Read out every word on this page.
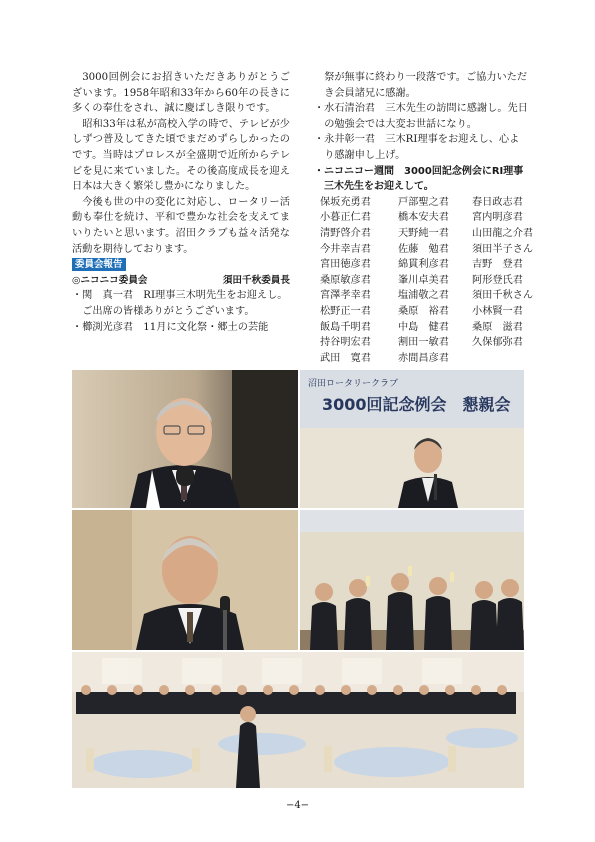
3000回例会にお招きいただきありがとうございます。1958年昭和33年から60年の長きに多くの奉仕をされ、誠に慶ばしき限りです。

昭和33年は私が高校入学の時で、テレビが少しずつ普及してきた頃でまだめずらしかったのです。当時はプロレスが全盛期で近所からテレビを見に来ていました。その後高度成長を迎え日本は大きく繁栄し豊かになりました。

今後も世の中の変化に対応し、ロータリー活動も奉仕を続け、平和で豊かな社会を支えてまいりたいと思います。沼田クラブも益々活発な活動を期待しております。

委員会報告
◎ニコニコ委員会	須田千秋委員長

・関　真一君　RI理事三木明先生をお迎えし。ご出席の皆様ありがとうございます。

・櫛渕光彦君　11月に文化祭・郷土の芸能

祭が無事に終わり一段落です。ご協力いただき会員諸兄に感謝。

・水石清治君　三木先生の訪問に感謝し。先日の勉強会では大変お世話になり。

・永井彰一君　三木RI理事をお迎えし、心より感謝申し上げ。

・ニコニコー週間　3000回記念例会にRI理事三木先生をお迎えして。

保坂充勇君	戸部聖之君	春日政志君
小暮正仁君	橋本安夫君	宮内明彦君
清野啓介君	天野純一君	山田龍之介君
今井幸吉君	佐藤　勉君	須田半子さん
宮田徳彦君	綿貫利彦君	吉野　登君
桑原敏彦君	峯川卓美君	阿形登氏君
宮澤孝幸君	塩浦敬之君	須田千秋さん
松野正一君	桑原　裕君	小林賢一君
飯島千明君	中島　健君	桑原　滋君
持谷明宏君	割田一敏君	久保郁弥君
武田　寛君	赤間昌彦君
沼田ロータリークラブ
3000回記念例会　懇親会
−4−
